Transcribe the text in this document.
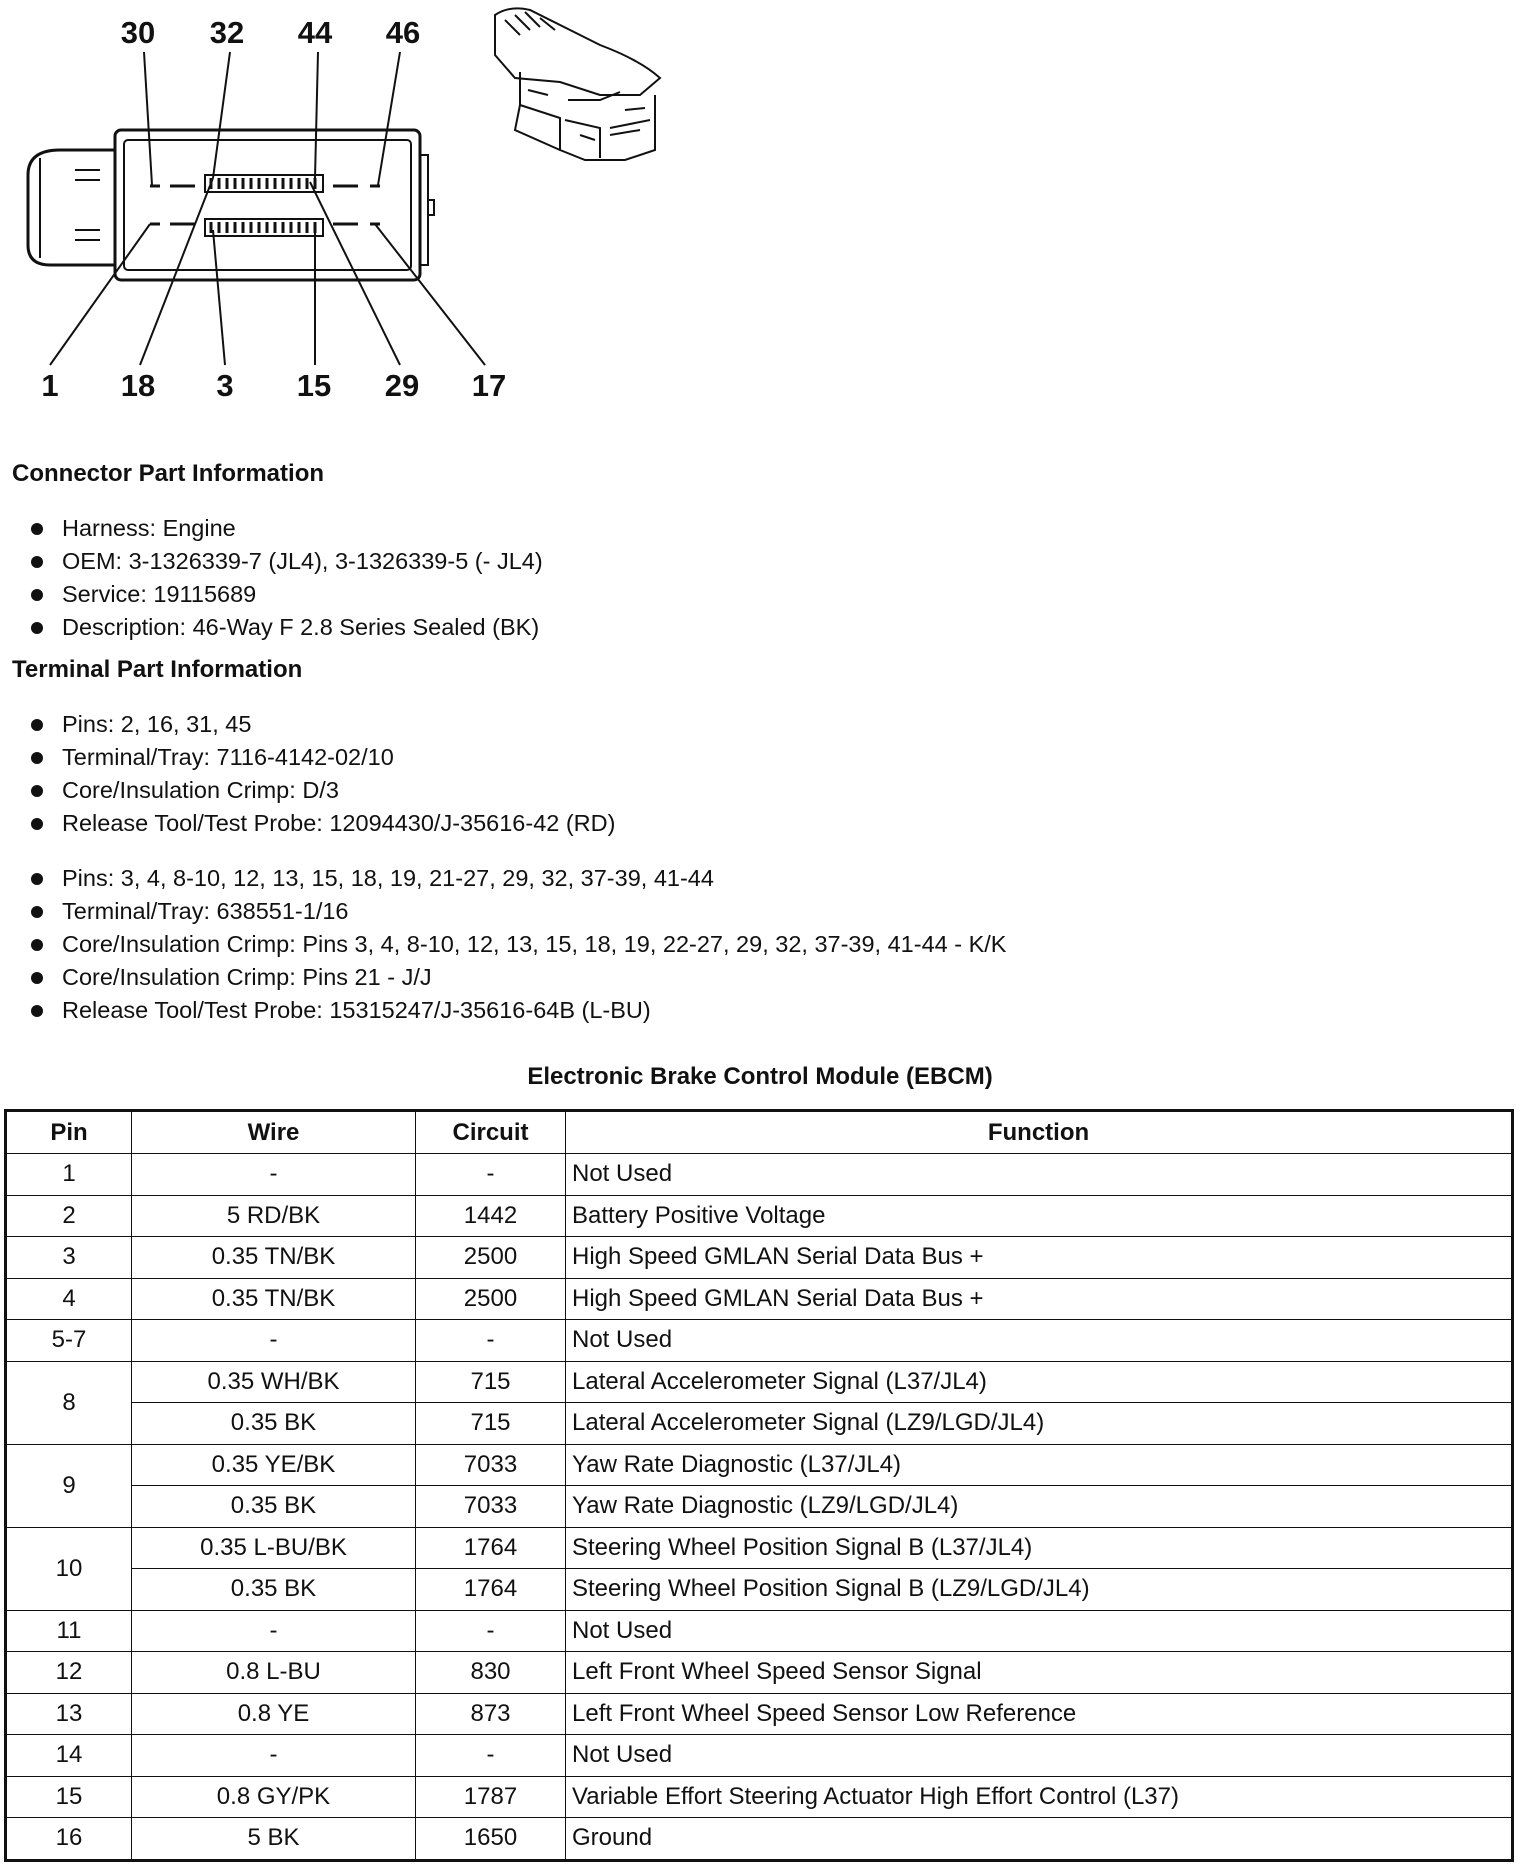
30 32 44 46
1 18 3 15 29 17
Connector Part Information
Harness: Engine
OEM: 3-1326339-7 (JL4), 3-1326339-5 (- JL4)
Service: 19115689
Description: 46-Way F 2.8 Series Sealed (BK)
Terminal Part Information
Pins: 2, 16, 31, 45
Terminal/Tray: 7116-4142-02/10
Core/Insulation Crimp: D/3
Release Tool/Test Probe: 12094430/J-35616-42 (RD)
Pins: 3, 4, 8-10, 12, 13, 15, 18, 19, 21-27, 29, 32, 37-39, 41-44
Terminal/Tray: 638551-1/16
Core/Insulation Crimp: Pins 3, 4, 8-10, 12, 13, 15, 18, 19, 22-27, 29, 32, 37-39, 41-44 - K/K
Core/Insulation Crimp: Pins 21 - J/J
Release Tool/Test Probe: 15315247/J-35616-64B (L-BU)
Electronic Brake Control Module (EBCM)
Pin	Wire	Circuit	Function
1	-	-	Not Used
2	5 RD/BK	1442	Battery Positive Voltage
3	0.35 TN/BK	2500	High Speed GMLAN Serial Data Bus +
4	0.35 TN/BK	2500	High Speed GMLAN Serial Data Bus +
5-7	-	-	Not Used
8	0.35 WH/BK	715	Lateral Accelerometer Signal (L37/JL4)
	0.35 BK	715	Lateral Accelerometer Signal (LZ9/LGD/JL4)
9	0.35 YE/BK	7033	Yaw Rate Diagnostic (L37/JL4)
	0.35 BK	7033	Yaw Rate Diagnostic (LZ9/LGD/JL4)
10	0.35 L-BU/BK	1764	Steering Wheel Position Signal B (L37/JL4)
	0.35 BK	1764	Steering Wheel Position Signal B (LZ9/LGD/JL4)
11	-	-	Not Used
12	0.8 L-BU	830	Left Front Wheel Speed Sensor Signal
13	0.8 YE	873	Left Front Wheel Speed Sensor Low Reference
14	-	-	Not Used
15	0.8 GY/PK	1787	Variable Effort Steering Actuator High Effort Control (L37)
16	5 BK	1650	Ground
